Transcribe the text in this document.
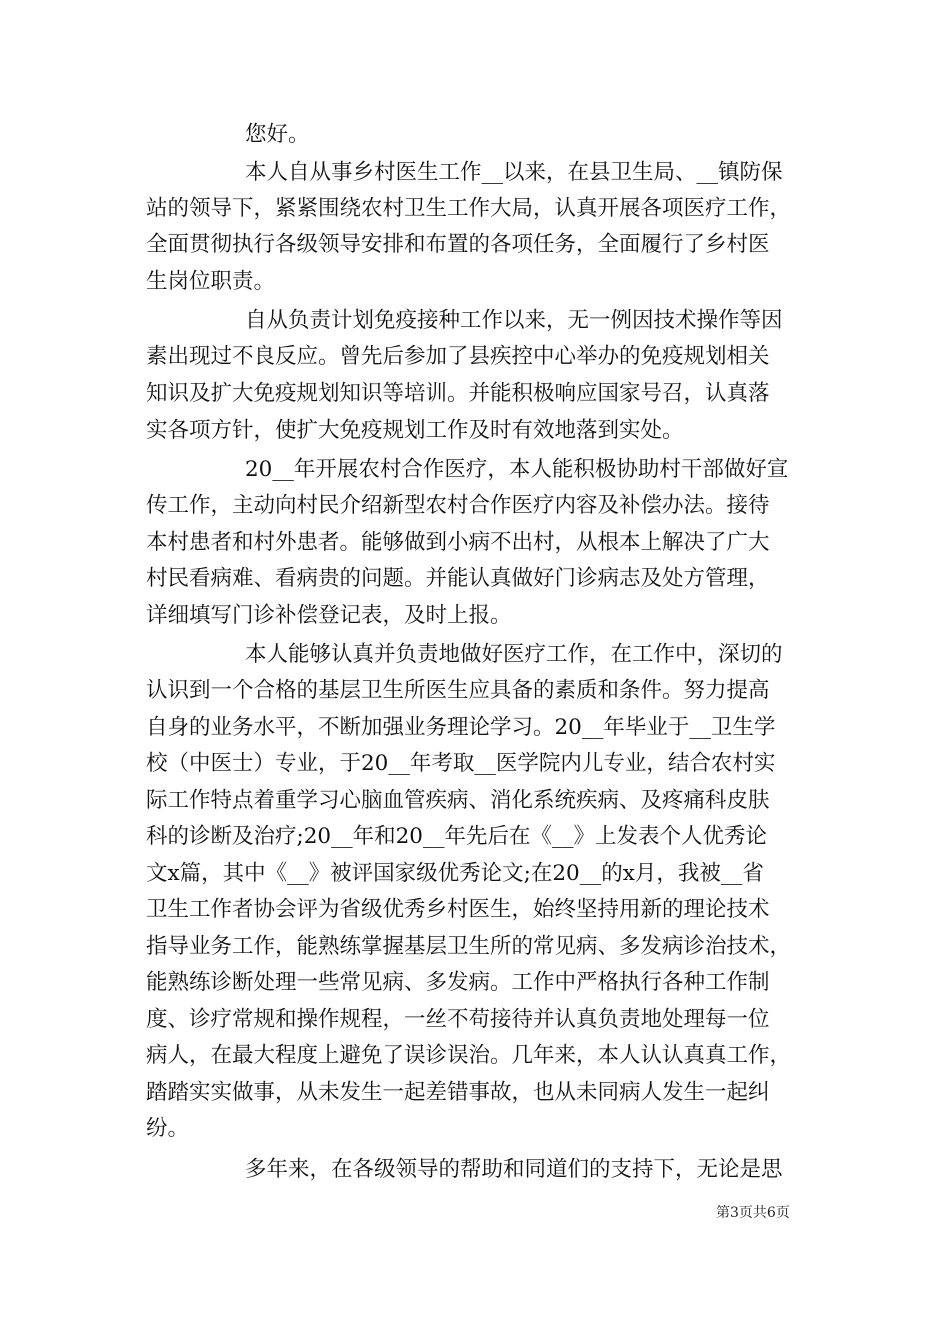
您好。
本人自从事乡村医生工作__以来，在县卫生局、__镇防保
站的领导下，紧紧围绕农村卫生工作大局，认真开展各项医疗工作，
全面贯彻执行各级领导安排和布置的各项任务，全面履行了乡村医
生岗位职责。
自从负责计划免疫接种工作以来，无一例因技术操作等因
素出现过不良反应。曾先后参加了县疾控中心举办的免疫规划相关
知识及扩大免疫规划知识等培训。并能积极响应国家号召，认真落
实各项方针，使扩大免疫规划工作及时有效地落到实处。
20__年开展农村合作医疗，本人能积极协助村干部做好宣
传工作，主动向村民介绍新型农村合作医疗内容及补偿办法。接待
本村患者和村外患者。能够做到小病不出村，从根本上解决了广大
村民看病难、看病贵的问题。并能认真做好门诊病志及处方管理，
详细填写门诊补偿登记表，及时上报。
本人能够认真并负责地做好医疗工作，在工作中，深切的
认识到一个合格的基层卫生所医生应具备的素质和条件。努力提高
自身的业务水平，不断加强业务理论学习。20__年毕业于__卫生学
校（中医士）专业，于20__年考取__医学院内儿专业，结合农村实
际工作特点着重学习心脑血管疾病、消化系统疾病、及疼痛科皮肤
科的诊断及治疗;20__年和20__年先后在《__》上发表个人优秀论
文x篇，其中《__》被评国家级优秀论文;在20__的x月，我被__省
卫生工作者协会评为省级优秀乡村医生，始终坚持用新的理论技术
指导业务工作，能熟练掌握基层卫生所的常见病、多发病诊治技术，
能熟练诊断处理一些常见病、多发病。工作中严格执行各种工作制
度、诊疗常规和操作规程，一丝不苟接待并认真负责地处理每一位
病人，在最大程度上避免了误诊误治。几年来，本人认认真真工作，
踏踏实实做事，从未发生一起差错事故，也从未同病人发生一起纠
纷。
多年来，在各级领导的帮助和同道们的支持下，无论是思
第3页共6页
